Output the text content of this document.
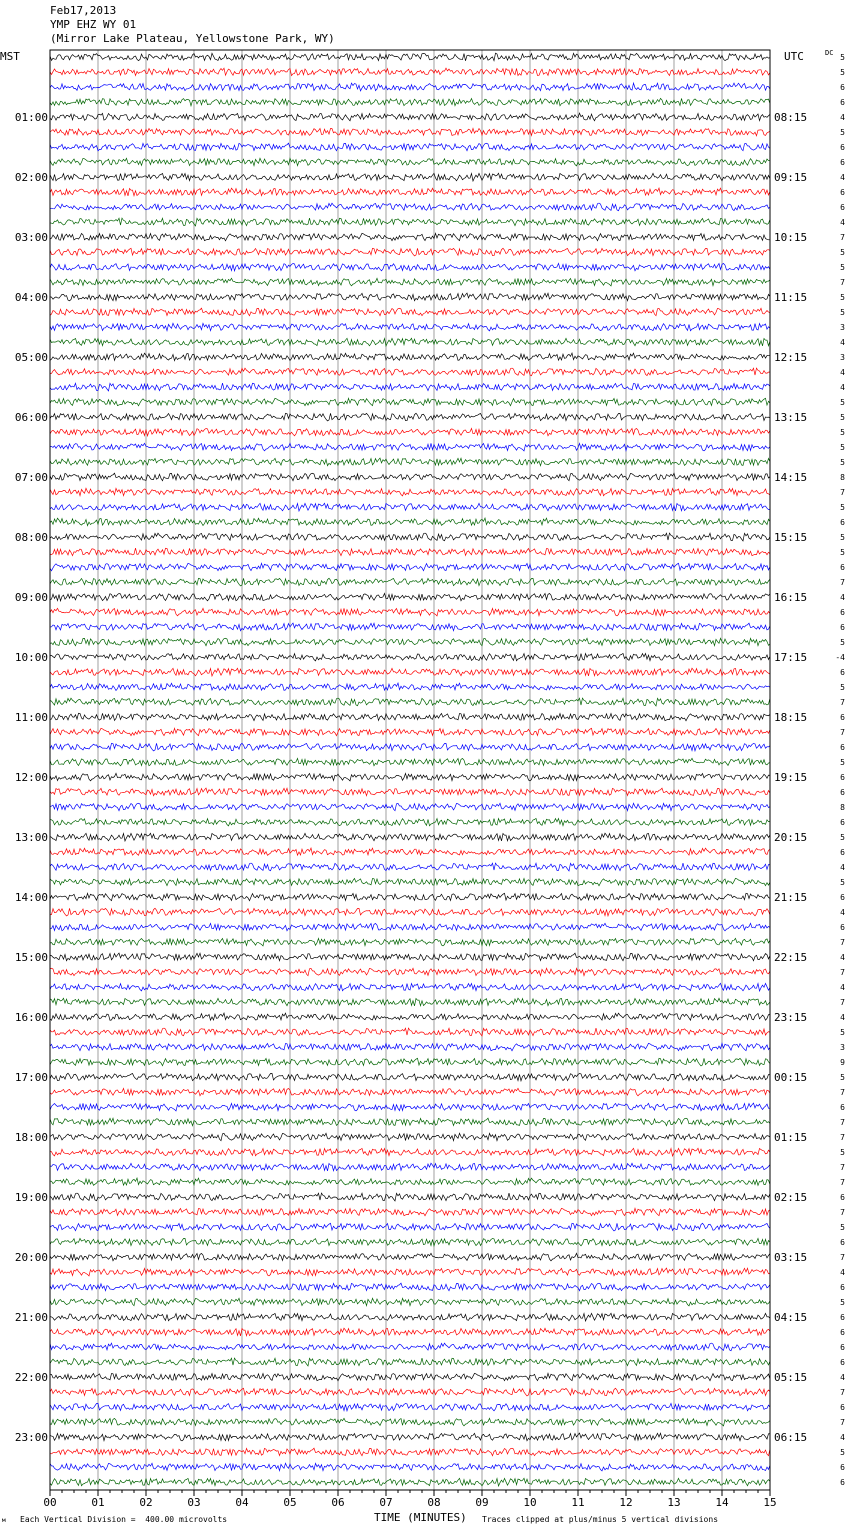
Feb17,2013
YMP EHZ WY 01
(Mirror Lake Plateau, Yellowstone Park, WY)
MST	UTC	DC
00	01	02	03	04	05	06	07	08	09	10	11	12	13	14	15
01:00	08:15
02:00	09:15
03:00	10:15
04:00	11:15
05:00	12:15
06:00	13:15
07:00	14:15
08:00	15:15
09:00	16:15
10:00	17:15
11:00	18:15
12:00	19:15
13:00	20:15
14:00	21:15
15:00	22:15
16:00	23:15
17:00	00:15
18:00	01:15
19:00	02:15
20:00	03:15
21:00	04:15
22:00	05:15
23:00	06:15
5
5
6
6
4
5
6
6
4
6
6
4
7
5
5
7
5
5
3
4
3
4
4
5
5
5
5
5
8
7
5
6
5
5
6
7
4
6
6
5
-4
6
5
7
6
7
6
5
6
6
8
6
5
6
4
5
6
4
6
7
4
7
4
7
4
5
3
9
5
7
6
7
7
5
7
7
6
7
5
6
7
4
6
5
6
6
6
6
4
7
6
7
4
5
6
6
м Each Vertical Division =  400.00 microvolts	TIME (MINUTES) Traces clipped at plus/minus 5 vertical divisions
